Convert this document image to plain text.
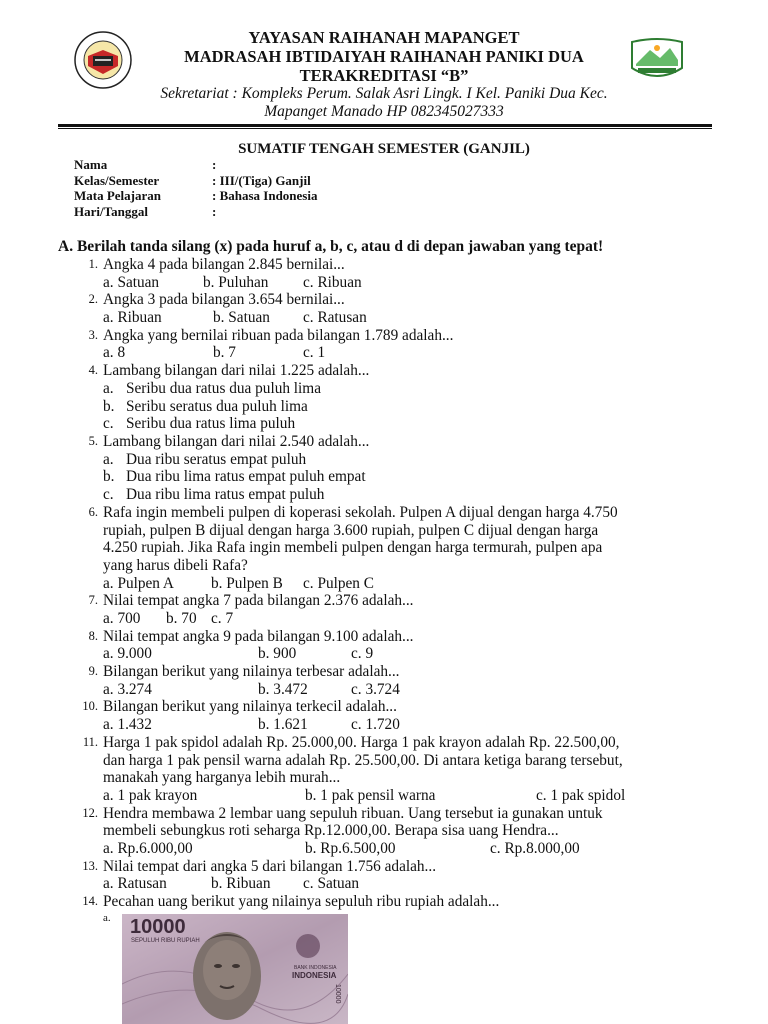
YAYASAN RAIHANAH MAPANGET
MADRASAH IBTIDAIYAH RAIHANAH PANIKI DUA
TERAKREDITASI “B”
Sekretariat : Kompleks Perum. Salak Asri Lingk. I Kel. Paniki Dua Kec.
Mapanget Manado HP 082345027333
SUMATIF TENGAH SEMESTER (GANJIL)
Nama	:
Kelas/Semester	: III/(Tiga) Ganjil
Mata Pelajaran	: Bahasa Indonesia
Hari/Tanggal	:
A. Berilah tanda silang (x) pada huruf a, b, c, atau d di depan jawaban yang tepat!
1. Angka 4 pada bilangan 2.845 bernilai...
a. Satuan	b. Puluhan c. Ribuan
2. Angka 3 pada bilangan 3.654 bernilai...
a. Ribuan	b. Satuan c. Ratusan
3. Angka yang bernilai ribuan pada bilangan 1.789 adalah...
a. 8	b. 7	c. 1
4. Lambang bilangan dari nilai 1.225 adalah...
a. Seribu dua ratus dua puluh lima
b. Seribu seratus dua puluh lima
c. Seribu dua ratus lima puluh
5. Lambang bilangan dari nilai 2.540 adalah...
a. Dua ribu seratus empat puluh
b. Dua ribu lima ratus empat puluh empat
c. Dua ribu lima ratus empat puluh
6. Rafa ingin membeli pulpen di koperasi sekolah. Pulpen A dijual dengan harga 4.750
rupiah, pulpen B dijual dengan harga 3.600 rupiah, pulpen C dijual dengan harga
4.250 rupiah. Jika Rafa ingin membeli pulpen dengan harga termurah, pulpen apa
yang harus dibeli Rafa?
a. Pulpen A b. Pulpen B c. Pulpen C
7. Nilai tempat angka 7 pada bilangan 2.376 adalah...
a. 700 b. 70 c. 7
8. Nilai tempat angka 9 pada bilangan 9.100 adalah...
a. 9.000	b. 900	c. 9
9. Bilangan berikut yang nilainya terbesar adalah...
a. 3.274	b. 3.472	c. 3.724
10. Bilangan berikut yang nilainya terkecil adalah...
a. 1.432	b. 1.621	c. 1.720
11. Harga 1 pak spidol adalah Rp. 25.000,00. Harga 1 pak krayon adalah Rp. 22.500,00,
dan harga 1 pak pensil warna adalah Rp. 25.500,00. Di antara ketiga barang tersebut,
manakah yang harganya lebih murah...
a. 1 pak krayon	b. 1 pak pensil warna	c. 1 pak spidol
12. Hendra membawa 2 lembar uang sepuluh ribuan. Uang tersebut ia gunakan untuk
membeli sebungkus roti seharga Rp.12.000,00. Berapa sisa uang Hendra...
a. Rp.6.000,00	b. Rp.6.500,00	c. Rp.8.000,00
13. Nilai tempat dari angka 5 dari bilangan 1.756 adalah...
a. Ratusan	b. Ribuan c. Satuan
14. Pecahan uang berikut yang nilainya sepuluh ribu rupiah adalah...
a. 10000
SEPULUH RIBU RUPIAH
BANK INDONESIA
INDONESIA
10000
